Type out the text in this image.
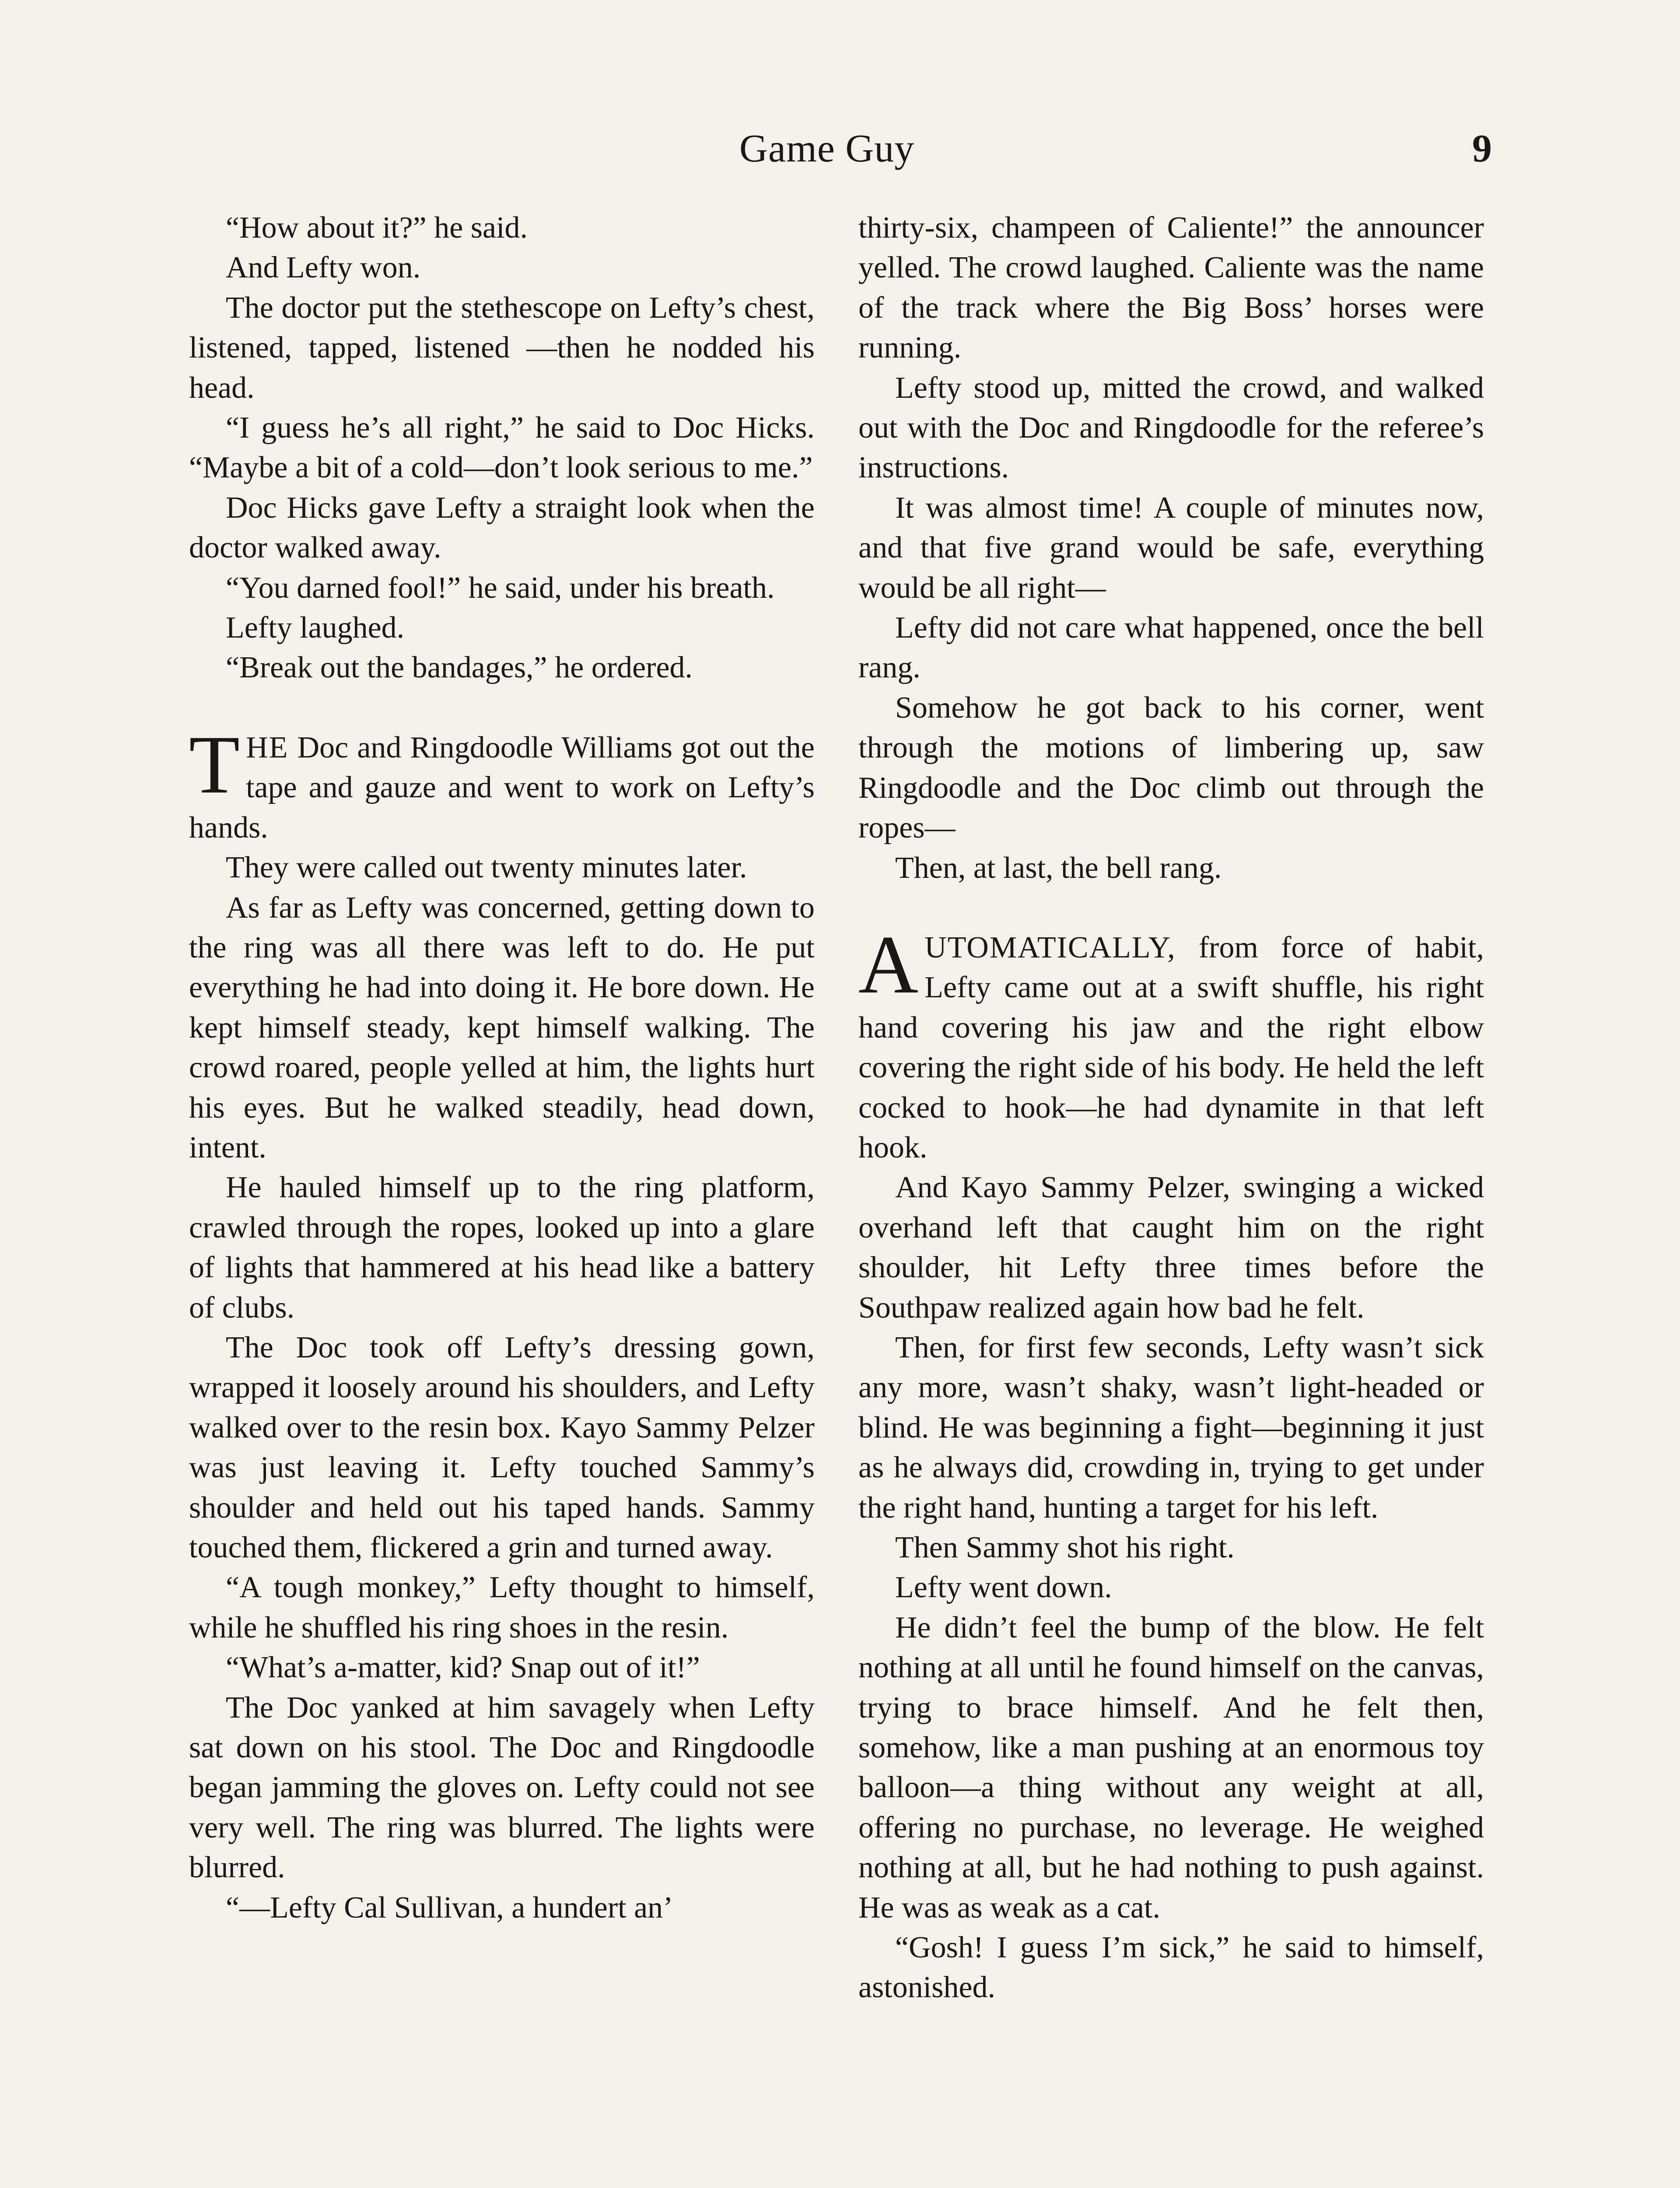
Game Guy	9

“How about it?” he said.

And Lefty won.

The doctor put the stethescope on Lefty’s chest, listened, tapped, listened —then he nodded his head.

“I guess he’s all right,” he said to Doc Hicks. “Maybe a bit of a cold—don’t look serious to me.”

Doc Hicks gave Lefty a straight look when the doctor walked away.

“You darned fool!” he said, under his breath.

Lefty laughed.

“Break out the bandages,” he ordered.

THE Doc and Ringdoodle Williams got out the tape and gauze and went to work on Lefty’s hands.

They were called out twenty minutes later.

As far as Lefty was concerned, getting down to the ring was all there was left to do. He put everything he had into doing it. He bore down. He kept himself steady, kept himself walking. The crowd roared, people yelled at him, the lights hurt his eyes. But he walked steadily, head down, intent.

He hauled himself up to the ring platform, crawled through the ropes, looked up into a glare of lights that hammered at his head like a battery of clubs.

The Doc took off Lefty’s dressing gown, wrapped it loosely around his shoulders, and Lefty walked over to the resin box. Kayo Sammy Pelzer was just leaving it. Lefty touched Sammy’s shoulder and held out his taped hands. Sammy touched them, flickered a grin and turned away.

“A tough monkey,” Lefty thought to himself, while he shuffled his ring shoes in the resin.

“What’s a-matter, kid? Snap out of it!”

The Doc yanked at him savagely when Lefty sat down on his stool. The Doc and Ringdoodle began jamming the gloves on. Lefty could not see very well. The ring was blurred. The lights were blurred.

“—Lefty Cal Sullivan, a hundert an’

thirty-six, champeen of Caliente!” the announcer yelled. The crowd laughed. Caliente was the name of the track where the Big Boss’ horses were running.

Lefty stood up, mitted the crowd, and walked out with the Doc and Ringdoodle for the referee’s instructions.

It was almost time! A couple of minutes now, and that five grand would be safe, everything would be all right—

Lefty did not care what happened, once the bell rang.

Somehow he got back to his corner, went through the motions of limbering up, saw Ringdoodle and the Doc climb out through the ropes—

Then, at last, the bell rang.

AUTOMATICALLY, from force of habit, Lefty came out at a swift shuffle, his right hand covering his jaw and the right elbow covering the right side of his body. He held the left cocked to hook—he had dynamite in that left hook.

And Kayo Sammy Pelzer, swinging a wicked overhand left that caught him on the right shoulder, hit Lefty three times before the Southpaw realized again how bad he felt.

Then, for first few seconds, Lefty wasn’t sick any more, wasn’t shaky, wasn’t light-headed or blind. He was beginning a fight—beginning it just as he always did, crowding in, trying to get under the right hand, hunting a target for his left.

Then Sammy shot his right.

Lefty went down.

He didn’t feel the bump of the blow. He felt nothing at all until he found himself on the canvas, trying to brace himself. And he felt then, somehow, like a man pushing at an enormous toy balloon—a thing without any weight at all, offering no purchase, no leverage. He weighed nothing at all, but he had nothing to push against. He was as weak as a cat.

“Gosh! I guess I’m sick,” he said to himself, astonished.
